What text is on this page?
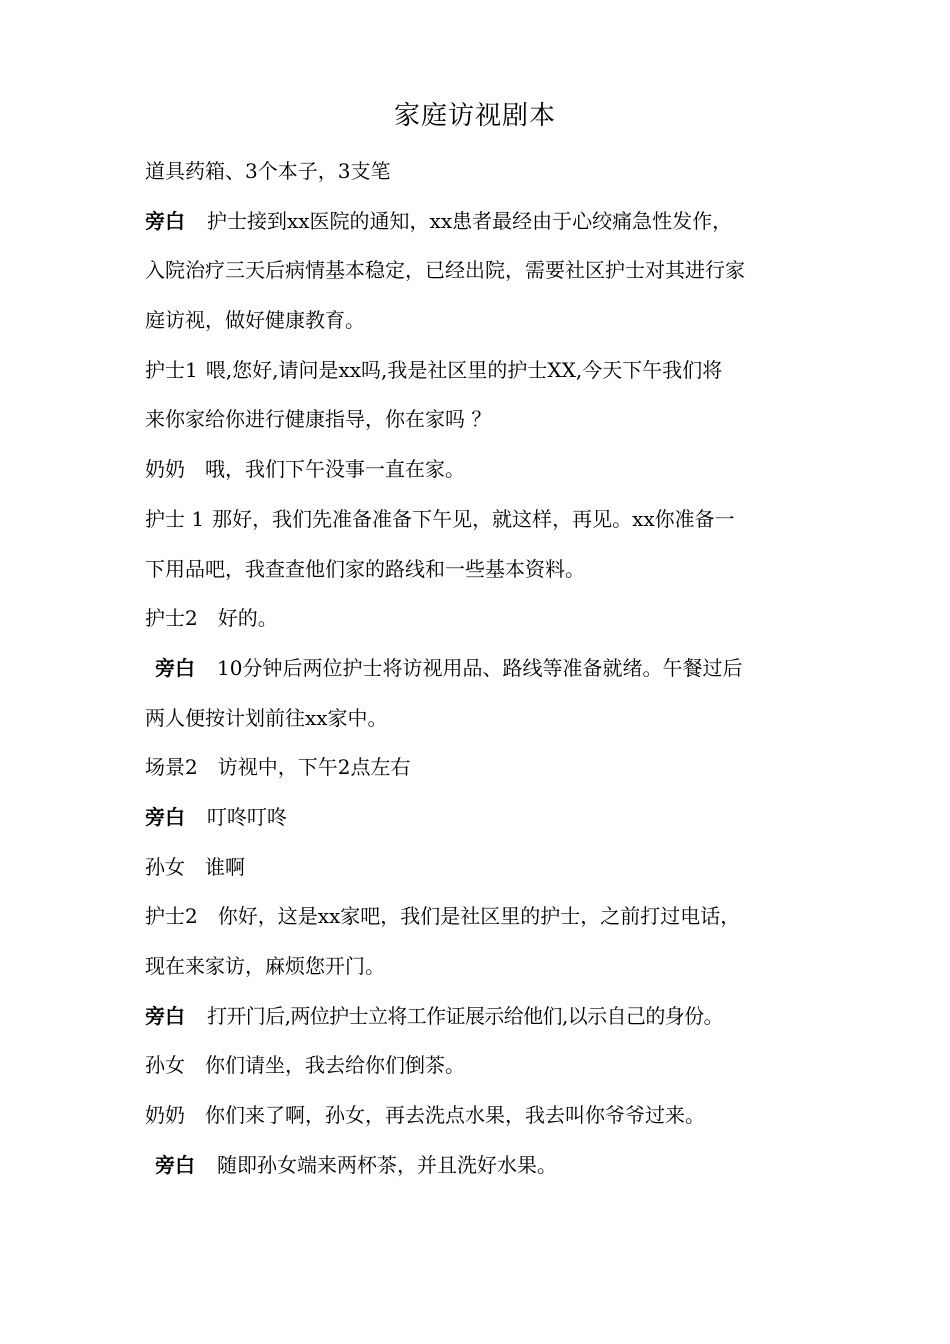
家庭访视剧本
道具药箱、3个本子，3支笔
旁白 护士接到xx医院的通知，xx患者最经由于心绞痛急性发作，
入院治疗三天后病情基本稳定，已经出院，需要社区护士对其进行家
庭访视，做好健康教育。
护士1 喂,您好,请问是xx吗,我是社区里的护士XX,今天下午我们将
来你家给你进行健康指导，你在家吗 ？
奶奶 哦，我们下午没事一直在家。
护士 1 那好，我们先准备准备下午见，就这样，再见。xx你准备一
下用品吧，我查查他们家的路线和一些基本资料。
护士2 好的。
旁白 10分钟后两位护士将访视用品、路线等准备就绪。午餐过后
两人便按计划前往xx家中。
场景2 访视中，下午2点左右
旁白 叮咚叮咚
孙女 谁啊
护士2 你好，这是xx家吧，我们是社区里的护士，之前打过电话，
现在来家访，麻烦您开门。
旁白 打开门后,两位护士立将工作证展示给他们,以示自己的身份。
孙女 你们请坐，我去给你们倒茶。
奶奶 你们来了啊，孙女，再去洗点水果，我去叫你爷爷过来。
旁白 随即孙女端来两杯茶，并且洗好水果。
